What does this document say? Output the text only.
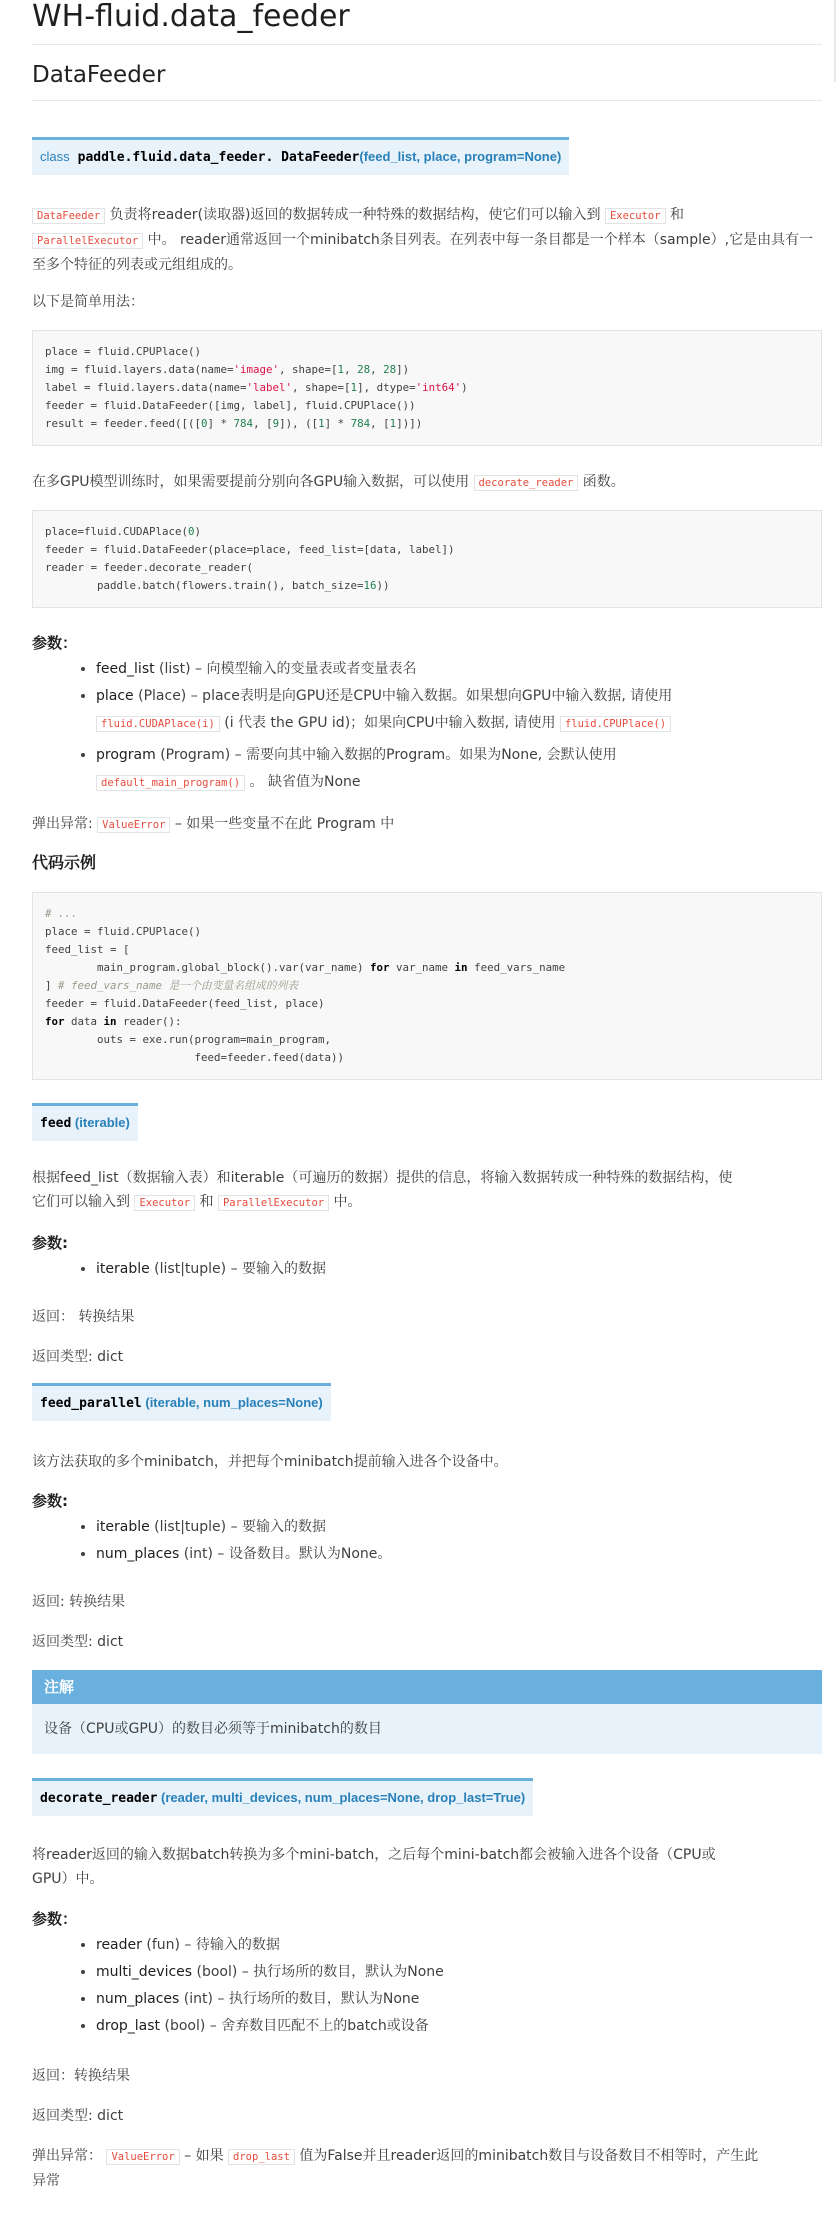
WH-fluid.data_feeder
DataFeeder
class paddle.fluid.data_feeder. DataFeeder(feed_list, place, program=None)

DataFeeder 负责将reader(读取器)返回的数据转成一种特殊的数据结构，使它们可以输入到 Executor 和
ParallelExecutor 中。 reader通常返回一个minibatch条目列表。在列表中每一条目都是一个样本（sample）,它是由具有一至多个特征的列表或元组组成的。

以下是简单用法：

place = fluid.CPUPlace()
img = fluid.layers.data(name='image', shape=[1, 28, 28])
label = fluid.layers.data(name='label', shape=[1], dtype='int64')
feeder = fluid.DataFeeder([img, label], fluid.CPUPlace())
result = feeder.feed([([0] * 784, [9]), ([1] * 784, [1])])

在多GPU模型训练时，如果需要提前分别向各GPU输入数据，可以使用 decorate_reader 函数。

place=fluid.CUDAPlace(0)
feeder = fluid.DataFeeder(place=place, feed_list=[data, label])
reader = feeder.decorate_reader(
paddle.batch(flowers.train(), batch_size=16))
参数：
• feed_list (list) – 向模型输入的变量表或者变量表名
• place (Place) – place表明是向GPU还是CPU中输入数据。如果想向GPU中输入数据, 请使用
fluid.CUDAPlace(i) (i 代表 the GPU id)；如果向CPU中输入数据, 请使用 fluid.CPUPlace()
• program (Program) – 需要向其中输入数据的Program。如果为None, 会默认使用
default_main_program() 。 缺省值为None

弹出异常: ValueError – 如果一些变量不在此 Program 中

代码示例
# ...
place = fluid.CPUPlace()
feed_list = [
main_program.global_block().var(var_name) for var_name in feed_vars_name
] # feed_vars_name 是一个由变量名组成的列表
feeder = fluid.DataFeeder(feed_list, place)
for data in reader():
outs = exe.run(program=main_program,
feed=feeder.feed(data))
feed (iterable)

根据feed_list（数据输入表）和iterable（可遍历的数据）提供的信息，将输入数据转成一种特殊的数据结构，使
它们可以输入到 Executor 和 ParallelExecutor 中。

参数:
• iterable (list|tuple) – 要输入的数据

返回： 转换结果

返回类型: dict

feed_parallel (iterable, num_places=None)

该方法获取的多个minibatch，并把每个minibatch提前输入进各个设备中。

参数:
• iterable (list|tuple) – 要输入的数据
• num_places (int) – 设备数目。默认为None。

返回: 转换结果

返回类型: dict

注解
设备（CPU或GPU）的数目必须等于minibatch的数目
decorate_reader (reader, multi_devices, num_places=None, drop_last=True)

将reader返回的输入数据batch转换为多个mini-batch，之后每个mini-batch都会被输入进各个设备（CPU或
GPU）中。

参数：
• reader (fun) – 待输入的数据
• multi_devices (bool) – 执行场所的数目，默认为None
• num_places (int) – 执行场所的数目，默认为None
• drop_last (bool) – 舍弃数目匹配不上的batch或设备

返回：转换结果

返回类型: dict

弹出异常： ValueError – 如果 drop_last 值为False并且reader返回的minibatch数目与设备数目不相等时，产生此
异常
